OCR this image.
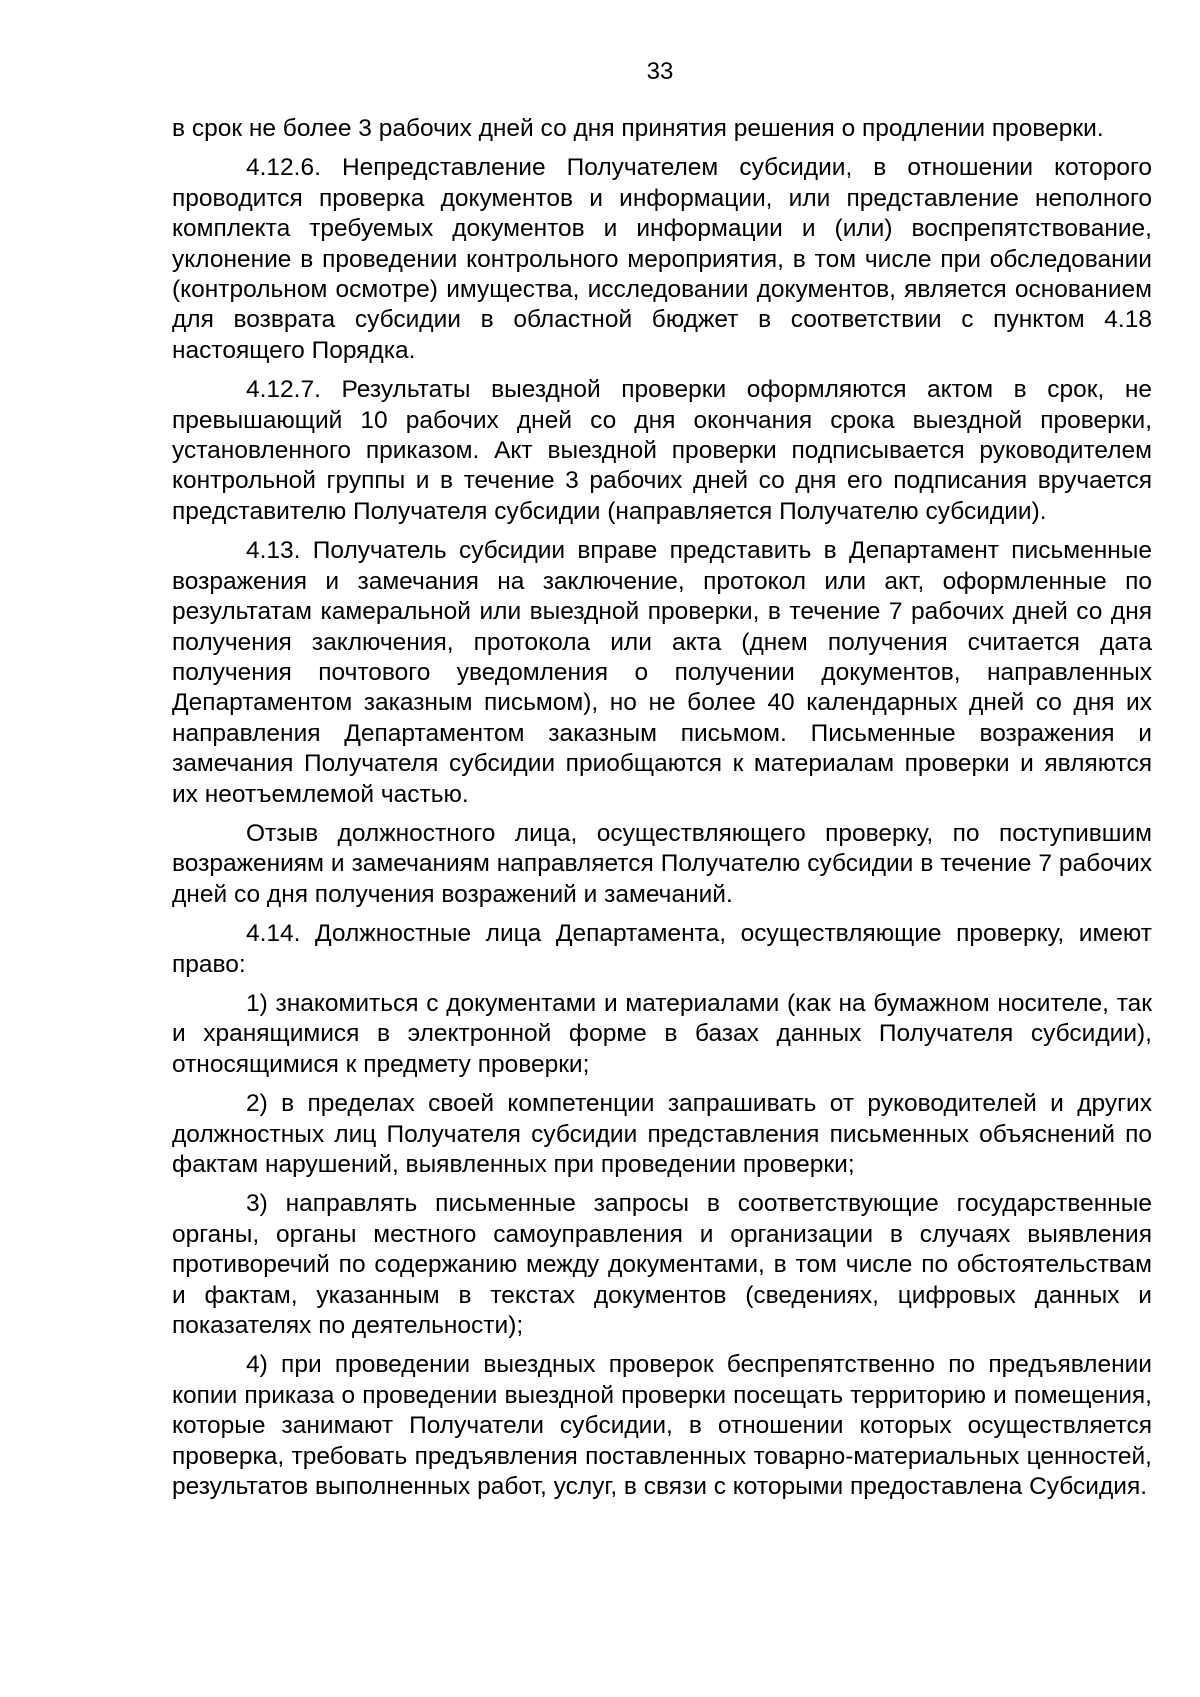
33

в срок не более 3 рабочих дней со дня принятия решения о продлении проверки.

4.12.6. Непредставление Получателем субсидии, в отношении которого проводится проверка документов и информации, или представление неполного комплекта требуемых документов и информации и (или) воспрепятствование, уклонение в проведении контрольного мероприятия, в том числе при обследовании (контрольном осмотре) имущества, исследовании документов, является основанием для возврата субсидии в областной бюджет в соответствии с пунктом 4.18 настоящего Порядка.

4.12.7. Результаты выездной проверки оформляются актом в срок, не превышающий 10 рабочих дней со дня окончания срока выездной проверки, установленного приказом. Акт выездной проверки подписывается руководителем контрольной группы и в течение 3 рабочих дней со дня его подписания вручается представителю Получателя субсидии (направляется Получателю субсидии).

4.13. Получатель субсидии вправе представить в Департамент письменные возражения и замечания на заключение, протокол или акт, оформленные по результатам камеральной или выездной проверки, в течение 7 рабочих дней со дня получения заключения, протокола или акта (днем получения считается дата получения почтового уведомления о получении документов, направленных Департаментом заказным письмом), но не более 40 календарных дней со дня их направления Департаментом заказным письмом. Письменные возражения и замечания Получателя субсидии приобщаются к материалам проверки и являются их неотъемлемой частью.

Отзыв должностного лица, осуществляющего проверку, по поступившим возражениям и замечаниям направляется Получателю субсидии в течение 7 рабочих дней со дня получения возражений и замечаний.

4.14. Должностные лица Департамента, осуществляющие проверку, имеют право:

1) знакомиться с документами и материалами (как на бумажном носителе, так и хранящимися в электронной форме в базах данных Получателя субсидии), относящимися к предмету проверки;

2) в пределах своей компетенции запрашивать от руководителей и других должностных лиц Получателя субсидии представления письменных объяснений по фактам нарушений, выявленных при проведении проверки;

3) направлять письменные запросы в соответствующие государственные органы, органы местного самоуправления и организации в случаях выявления противоречий по содержанию между документами, в том числе по обстоятельствам и фактам, указанным в текстах документов (сведениях, цифровых данных и показателях по деятельности);

4) при проведении выездных проверок беспрепятственно по предъявлении копии приказа о проведении выездной проверки посещать территорию и помещения, которые занимают Получатели субсидии, в отношении которых осуществляется проверка, требовать предъявления поставленных товарно-материальных ценностей, результатов выполненных работ, услуг, в связи с которыми предоставлена Субсидия.
